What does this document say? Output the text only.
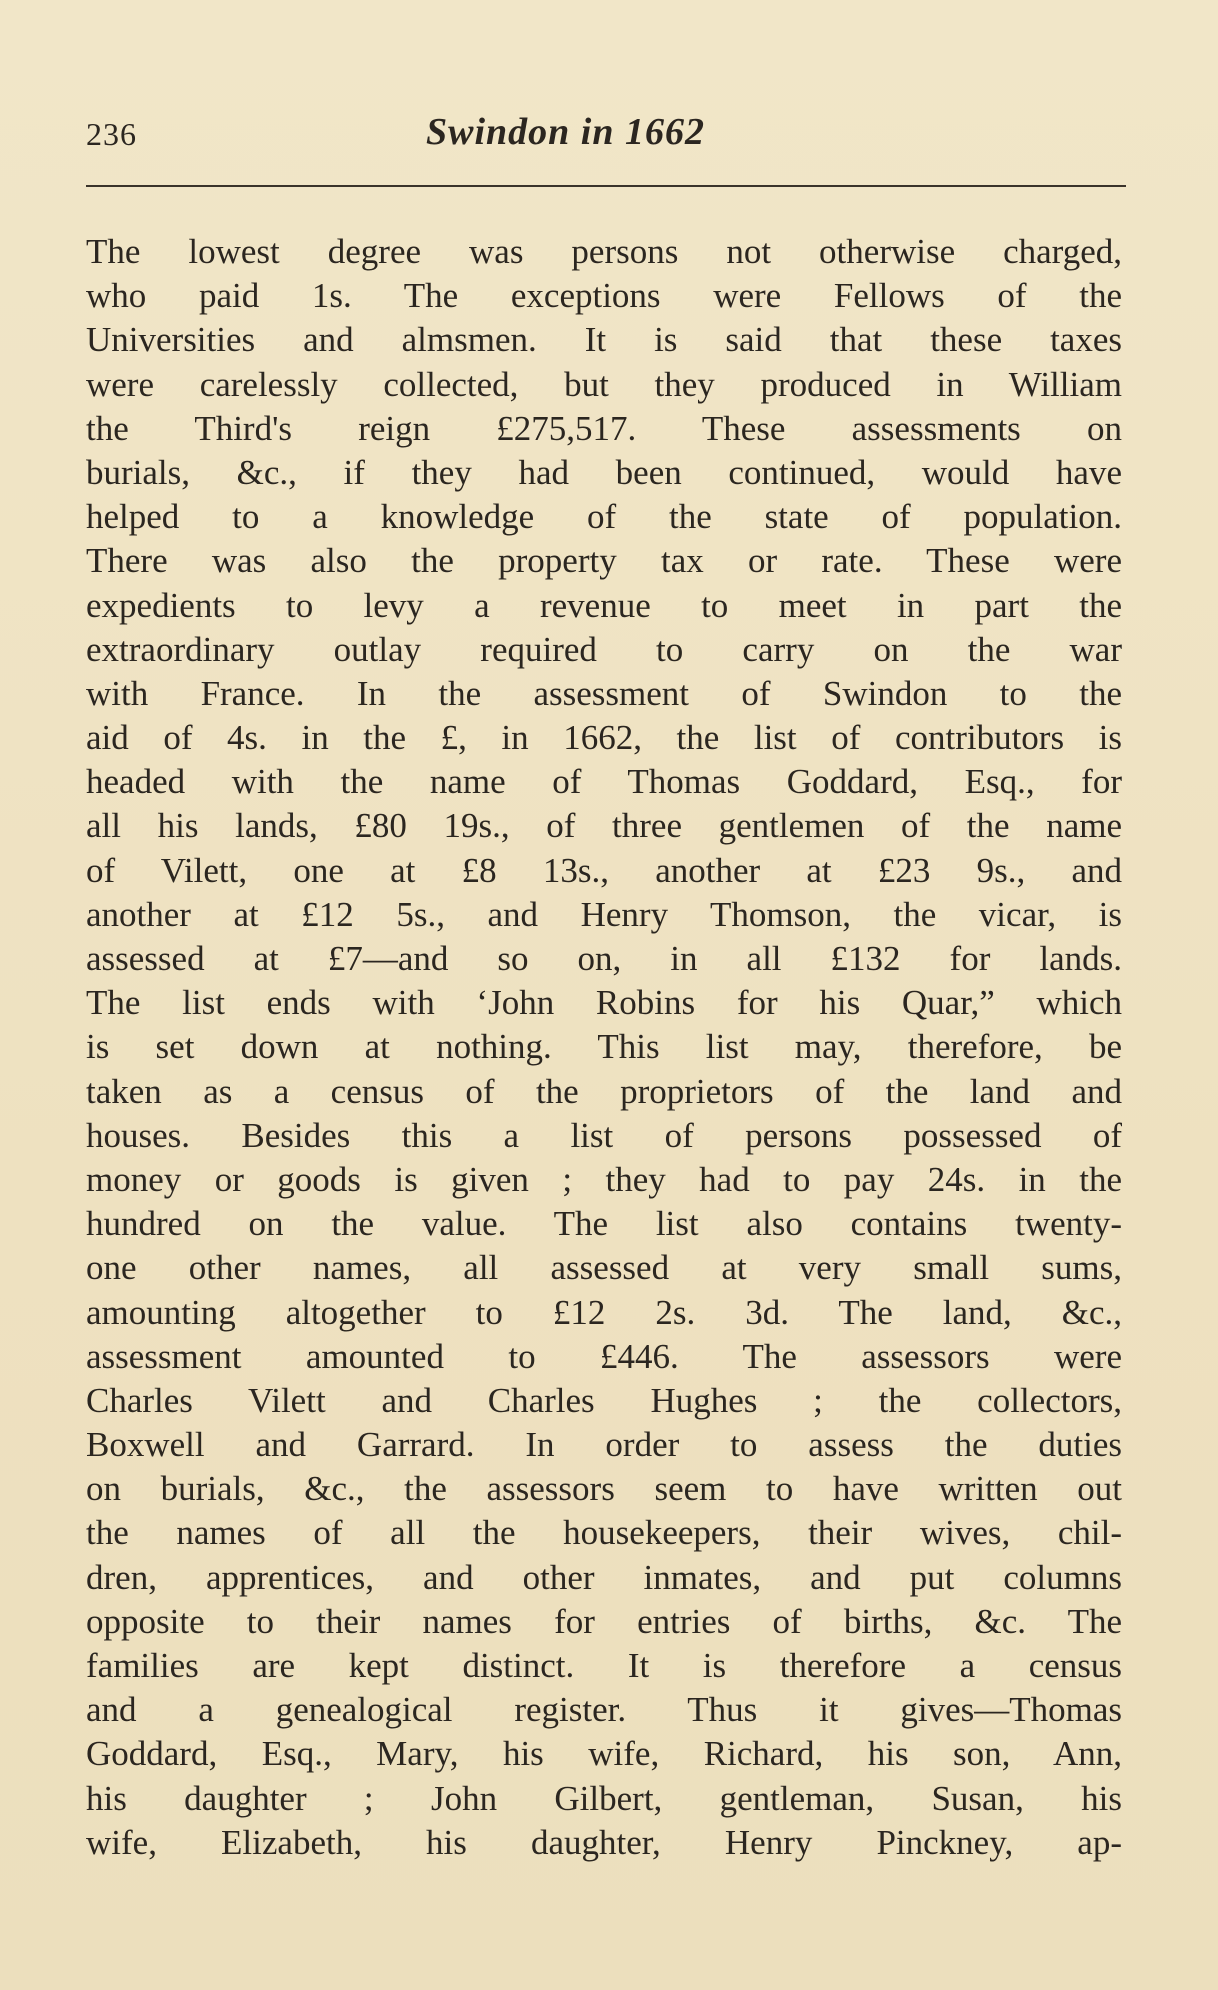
236	Swindon in 1662
The lowest degree was persons not otherwise charged,
who paid 1s. The exceptions were Fellows of the
Universities and almsmen. It is said that these taxes
were carelessly collected, but they produced in William
the Third's reign £275,517. These assessments on
burials, &c., if they had been continued, would have
helped to a knowledge of the state of population.
There was also the property tax or rate. These were
expedients to levy a revenue to meet in part the
extraordinary outlay required to carry on the war
with France. In the assessment of Swindon to the
aid of 4s. in the £, in 1662, the list of contributors is
headed with the name of Thomas Goddard, Esq., for
all his lands, £80 19s., of three gentlemen of the name
of Vilett, one at £8 13s., another at £23 9s., and
another at £12 5s., and Henry Thomson, the vicar, is
assessed at £7—and so on, in all £132 for lands.
The list ends with ‘John Robins for his Quar,” which
is set down at nothing. This list may, therefore, be
taken as a census of the proprietors of the land and
houses. Besides this a list of persons possessed of
money or goods is given ; they had to pay 24s. in the
hundred on the value. The list also contains twenty-
one other names, all assessed at very small sums,
amounting altogether to £12 2s. 3d. The land, &c.,
assessment amounted to £446. The assessors were
Charles Vilett and Charles Hughes ; the collectors,
Boxwell and Garrard. In order to assess the duties
on burials, &c., the assessors seem to have written out
the names of all the housekeepers, their wives, chil-
dren, apprentices, and other inmates, and put columns
opposite to their names for entries of births, &c. The
families are kept distinct. It is therefore a census
and a genealogical register. Thus it gives—Thomas
Goddard, Esq., Mary, his wife, Richard, his son, Ann,
his daughter ; John Gilbert, gentleman, Susan, his
wife, Elizabeth, his daughter, Henry Pinckney, ap-
